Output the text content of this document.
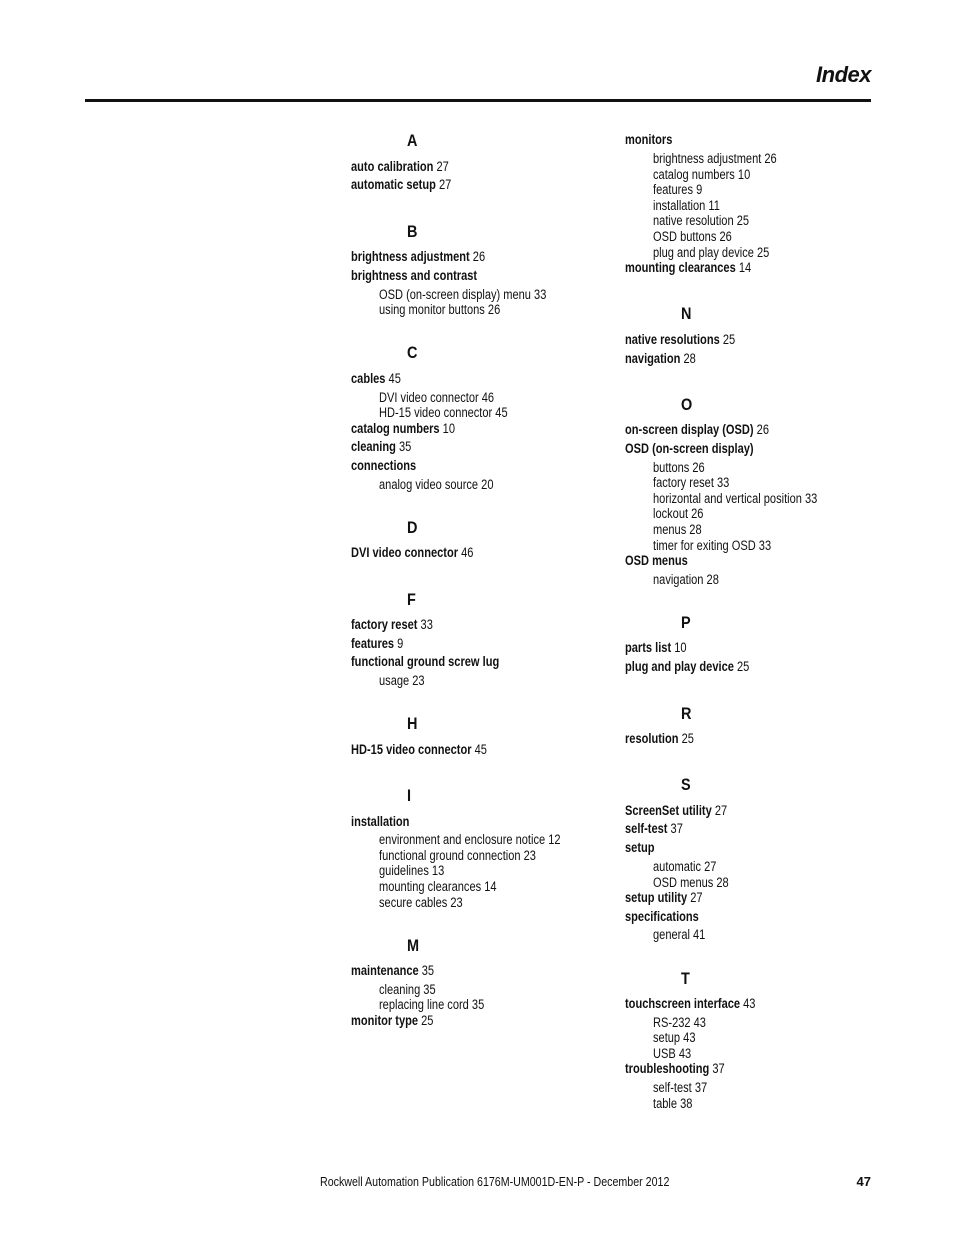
Index
A
auto calibration 27
automatic setup 27
B
brightness adjustment 26
brightness and contrast
OSD (on-screen display) menu 33
using monitor buttons 26
C
cables 45
DVI video connector 46
HD-15 video connector 45
catalog numbers 10
cleaning 35
connections
analog video source 20
D
DVI video connector 46
F
factory reset 33
features 9
functional ground screw lug
usage 23
H
HD-15 video connector 45
I
installation
environment and enclosure notice 12
functional ground connection 23
guidelines 13
mounting clearances 14
secure cables 23
M
maintenance 35
cleaning 35
replacing line cord 35
monitor type 25
monitors
brightness adjustment 26
catalog numbers 10
features 9
installation 11
native resolution 25
OSD buttons 26
plug and play device 25
mounting clearances 14
N
native resolutions 25
navigation 28
O
on-screen display (OSD) 26
OSD (on-screen display)
buttons 26
factory reset 33
horizontal and vertical position 33
lockout 26
menus 28
timer for exiting OSD 33
OSD menus
navigation 28
P
parts list 10
plug and play device 25
R
resolution 25
S
ScreenSet utility 27
self-test 37
setup
automatic 27
OSD menus 28
setup utility 27
specifications
general 41
T
touchscreen interface 43
RS-232 43
setup 43
USB 43
troubleshooting 37
self-test 37
table 38
Rockwell Automation Publication 6176M-UM001D-EN-P - December 2012	47
